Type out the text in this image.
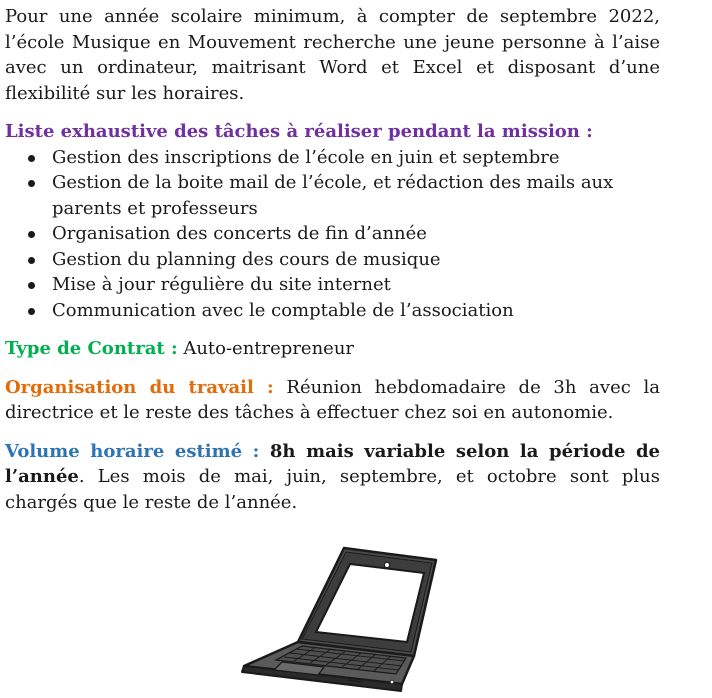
Pour une année scolaire minimum, à compter de septembre 2022, l’école Musique en Mouvement recherche une jeune personne à l’aise avec un ordinateur, maitrisant Word et Excel et disposant d’une flexibilité sur les horaires.

Liste exhaustive des tâches à réaliser pendant la mission :

Gestion des inscriptions de l’école en juin et septembre
Gestion de la boite mail de l’école, et rédaction des mails aux parents et professeurs
Organisation des concerts de fin d’année
Gestion du planning des cours de musique
Mise à jour régulière du site internet
Communication avec le comptable de l’association

Type de Contrat : Auto-entrepreneur

Organisation du travail : Réunion hebdomadaire de 3h avec la directrice et le reste des tâches à effectuer chez soi en autonomie.

Volume horaire estimé : 8h mais variable selon la période de l’année. Les mois de mai, juin, septembre, et octobre sont plus chargés que le reste de l’année.
